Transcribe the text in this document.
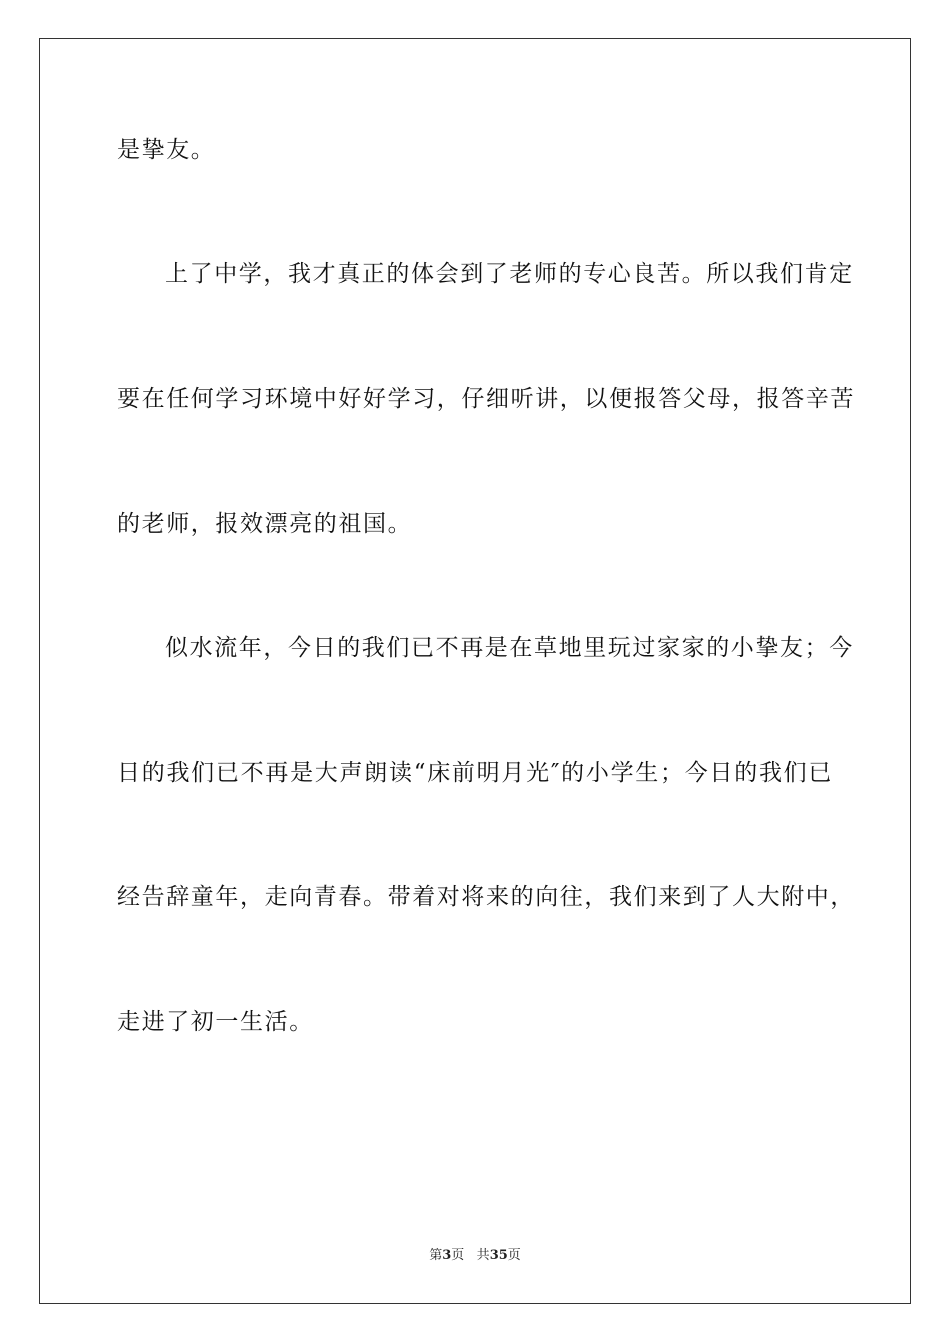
是挚友。
上了中学，我才真正的体会到了老师的专心良苦。所以我们肯定
要在任何学习环境中好好学习，仔细听讲，以便报答父母，报答辛苦
的老师，报效漂亮的祖国。
似水流年，今日的我们已不再是在草地里玩过家家的小挚友；今
日的我们已不再是大声朗读“床前明月光″的小学生；今日的我们已
经告辞童年，走向青春。带着对将来的向往，我们来到了人大附中，
走进了初一生活。
第3页 共35页
